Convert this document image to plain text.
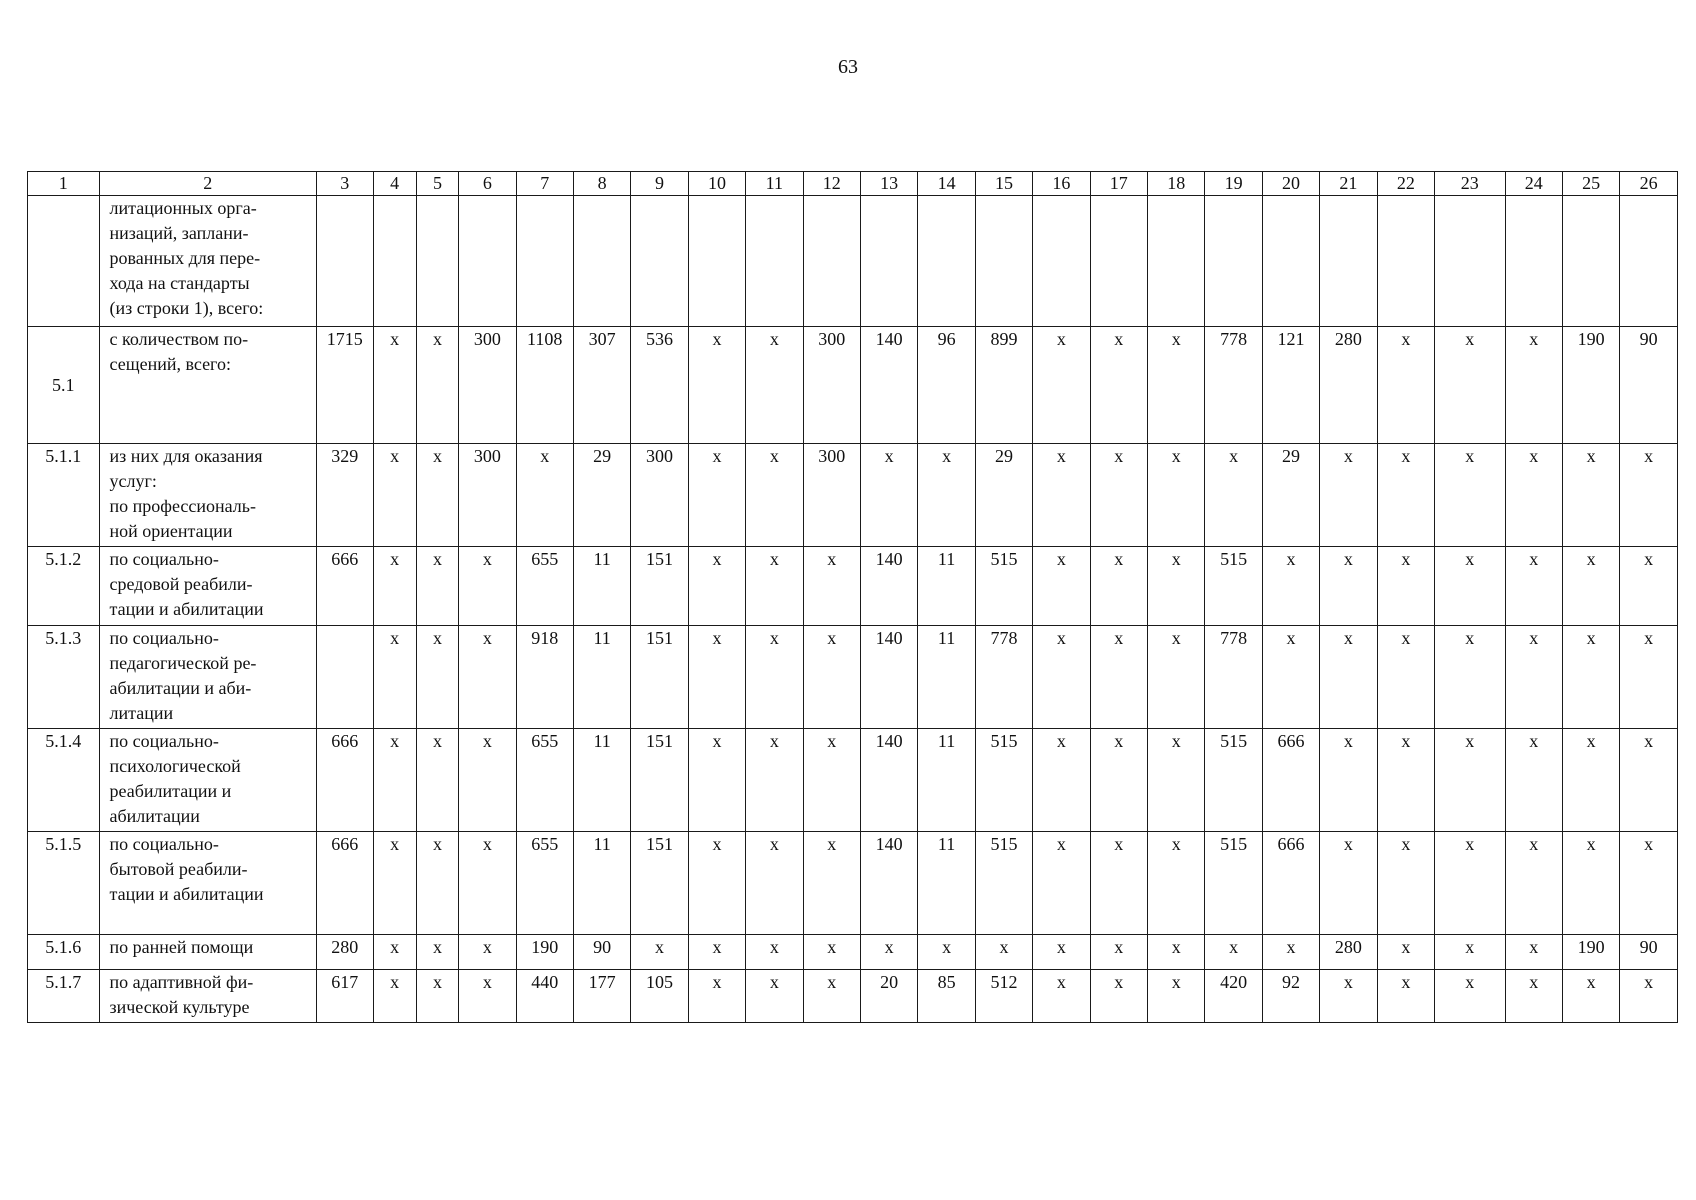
63
1	2	3	4	5	6	7	8	9	10	11	12	13	14	15	16	17	18	19	20	21	22	23	24	25	26
	литационных орга-
низаций, заплани-
рованных для пере-
хода на стандарты
(из строки 1), всего:																								
5.1	с количеством по-
сещений, всего:	1715	х	х	300	1108	307	536	х	х	300	140	96	899	х	х	х	778	121	280	х	х	х	190	90
5.1.1	из них для оказания
услуг:
по профессиональ-
ной ориентации	329	х	х	300	х	29	300	х	х	300	х	х	29	х	х	х	х	29	х	х	х	х	х	х
5.1.2	по социально-
средовой реабили-
тации и абилитации	666	х	х	х	655	11	151	х	х	х	140	11	515	х	х	х	515	х	х	х	х	х	х	х
5.1.3	по социально-
педагогической ре-
абилитации и аби-
литации		х	х	х	918	11	151	х	х	х	140	11	778	х	х	х	778	х	х	х	х	х	х	х
5.1.4	по социально-
психологической
реабилитации и
абилитации	666	х	х	х	655	11	151	х	х	х	140	11	515	х	х	х	515	666	х	х	х	х	х	х
5.1.5	по социально-
бытовой реабили-
тации и абилитации	666	х	х	х	655	11	151	х	х	х	140	11	515	х	х	х	515	666	х	х	х	х	х	х
5.1.6	по ранней помощи	280	х	х	х	190	90	х	х	х	х	х	х	х	х	х	х	х	х	280	х	х	х	190	90
5.1.7	по адаптивной фи-
зической культуре	617	х	х	х	440	177	105	х	х	х	20	85	512	х	х	х	420	92	х	х	х	х	х	х
